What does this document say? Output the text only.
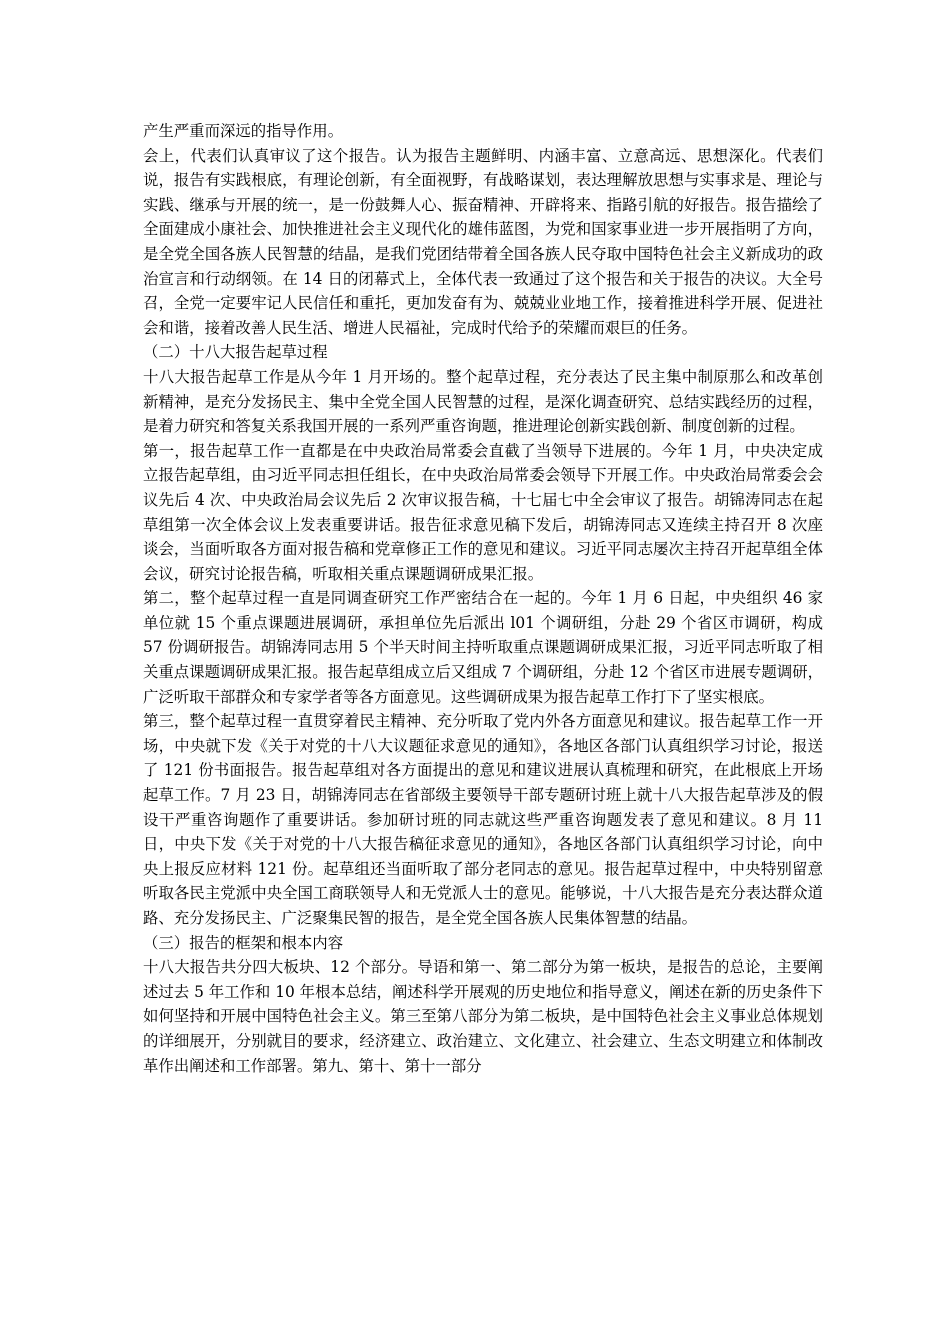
产生严重而深远的指导作用。

会上，代表们认真审议了这个报告。认为报告主题鲜明、内涵丰富、立意高远、思想深化。代表们说，报告有实践根底，有理论创新，有全面视野，有战略谋划，表达理解放思想与实事求是、理论与实践、继承与开展的统一，是一份鼓舞人心、振奋精神、开辟将来、指路引航的好报告。报告描绘了全面建成小康社会、加快推进社会主义现代化的雄伟蓝图，为党和国家事业进一步开展指明了方向，是全党全国各族人民智慧的结晶，是我们党团结带着全国各族人民夺取中国特色社会主义新成功的政治宣言和行动纲领。在 14 日的闭幕式上，全体代表一致通过了这个报告和关于报告的决议。大全号召，全党一定要牢记人民信任和重托，更加发奋有为、兢兢业业地工作，接着推进科学开展、促进社会和谐，接着改善人民生活、增进人民福祉，完成时代给予的荣耀而艰巨的任务。

（二）十八大报告起草过程

十八大报告起草工作是从今年 1 月开场的。整个起草过程，充分表达了民主集中制原那么和改革创新精神，是充分发扬民主、集中全党全国人民智慧的过程，是深化调查研究、总结实践经历的过程，是着力研究和答复关系我国开展的一系列严重咨询题，推进理论创新实践创新、制度创新的过程。

第一，报告起草工作一直都是在中央政治局常委会直截了当领导下进展的。今年 1 月，中央决定成立报告起草组，由习近平同志担任组长，在中央政治局常委会领导下开展工作。中央政治局常委会会议先后 4 次、中央政治局会议先后 2 次审议报告稿，十七届七中全会审议了报告。胡锦涛同志在起草组第一次全体会议上发表重要讲话。报告征求意见稿下发后，胡锦涛同志又连续主持召开 8 次座谈会，当面听取各方面对报告稿和党章修正工作的意见和建议。习近平同志屡次主持召开起草组全体会议，研究讨论报告稿，听取相关重点课题调研成果汇报。

第二，整个起草过程一直是同调查研究工作严密结合在一起的。今年 1 月 6 日起，中央组织 46 家单位就 15 个重点课题进展调研，承担单位先后派出 l01 个调研组，分赴 29 个省区市调研，构成 57 份调研报告。胡锦涛同志用 5 个半天时间主持听取重点课题调研成果汇报，习近平同志听取了相关重点课题调研成果汇报。报告起草组成立后又组成 7 个调研组，分赴 12 个省区市进展专题调研，广泛听取干部群众和专家学者等各方面意见。这些调研成果为报告起草工作打下了坚实根底。

第三，整个起草过程一直贯穿着民主精神、充分听取了党内外各方面意见和建议。报告起草工作一开场，中央就下发《关于对党的十八大议题征求意见的通知》，各地区各部门认真组织学习讨论，报送了 121 份书面报告。报告起草组对各方面提出的意见和建议进展认真梳理和研究，在此根底上开场起草工作。7 月 23 日，胡锦涛同志在省部级主要领导干部专题研讨班上就十八大报告起草涉及的假设干严重咨询题作了重要讲话。参加研讨班的同志就这些严重咨询题发表了意见和建议。8 月 11 日，中央下发《关于对党的十八大报告稿征求意见的通知》，各地区各部门认真组织学习讨论，向中央上报反应材料 121 份。起草组还当面听取了部分老同志的意见。报告起草过程中，中央特别留意听取各民主党派中央全国工商联领导人和无党派人士的意见。能够说，十八大报告是充分表达群众道路、充分发扬民主、广泛聚集民智的报告，是全党全国各族人民集体智慧的结晶。

（三）报告的框架和根本内容

十八大报告共分四大板块、12 个部分。导语和第一、第二部分为第一板块，是报告的总论，主要阐述过去 5 年工作和 10 年根本总结，阐述科学开展观的历史地位和指导意义，阐述在新的历史条件下如何坚持和开展中国特色社会主义。第三至第八部分为第二板块，是中国特色社会主义事业总体规划的详细展开，分别就目的要求，经济建立、政治建立、文化建立、社会建立、生态文明建立和体制改革作出阐述和工作部署。第九、第十、第十一部分
